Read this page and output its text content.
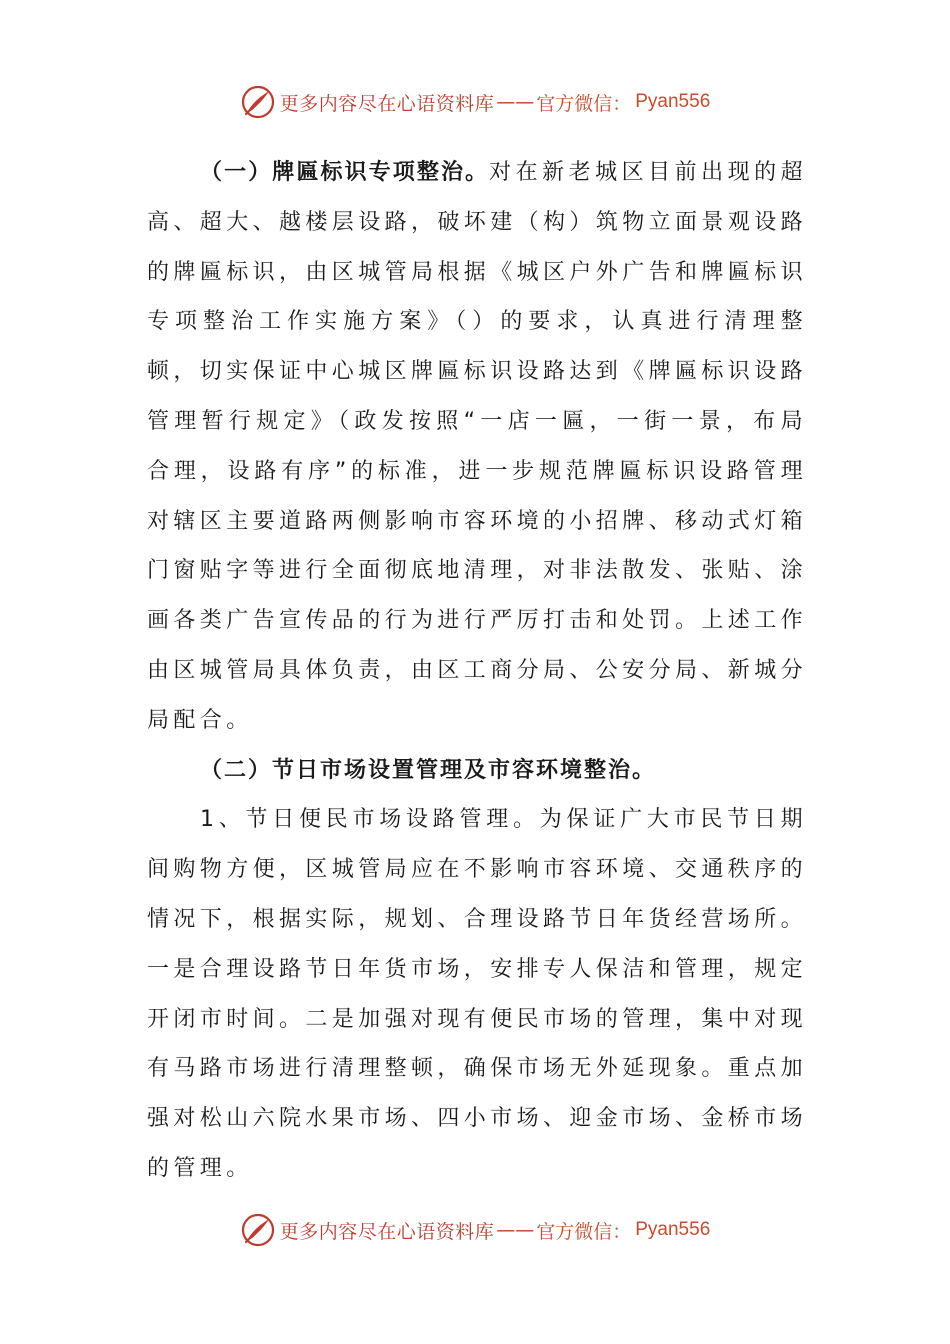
更多内容尽在心语资料库 —— 官方微信： Pyan556

（一）牌匾标识专项整治。对在新老城区目前出现的超高、超大、越楼层设路，破坏建（构）筑物立面景观设路的牌匾标识，由区城管局根据《城区户外广告和牌匾标识专项整治工作实施方案》（）的要求，认真进行清理整顿，切实保证中心城区牌匾标识设路达到《牌匾标识设路管理暂行规定》（政发按照“一店一匾，一街一景，布局合理，设路有序”的标准，进一步规范牌匾标识设路管理对辖区主要道路两侧影响市容环境的小招牌、移动式灯箱门窗贴字等进行全面彻底地清理，对非法散发、张贴、涂画各类广告宣传品的行为进行严厉打击和处罚。上述工作由区城管局具体负责，由区工商分局、公安分局、新城分局配合。

（二）节日市场设置管理及市容环境整治。

1、节日便民市场设路管理。为保证广大市民节日期间购物方便，区城管局应在不影响市容环境、交通秩序的情况下，根据实际，规划、合理设路节日年货经营场所。一是合理设路节日年货市场，安排专人保洁和管理，规定开闭市时间。二是加强对现有便民市场的管理，集中对现有马路市场进行清理整顿，确保市场无外延现象。重点加强对松山六院水果市场、四小市场、迎金市场、金桥市场的管理。

更多内容尽在心语资料库 —— 官方微信： Pyan556
